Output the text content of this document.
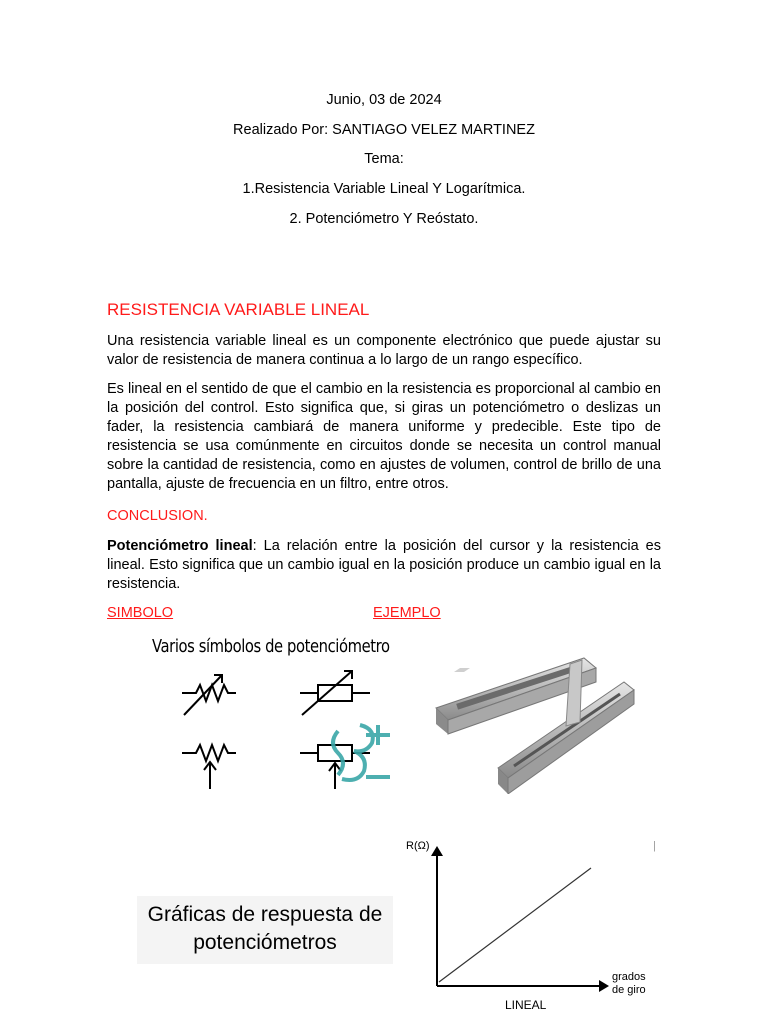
Junio, 03 de 2024
Realizado Por: SANTIAGO VELEZ MARTINEZ
Tema:
1.Resistencia Variable Lineal Y Logarítmica.
2. Potenciómetro Y Reóstato.
RESISTENCIA VARIABLE LINEAL

Una resistencia variable lineal es un componente electrónico que puede ajustar su valor de resistencia de manera continua a lo largo de un rango específico.

Es lineal en el sentido de que el cambio en la resistencia es proporcional al cambio en la posición del control. Esto significa que, si giras un potenciómetro o deslizas un fader, la resistencia cambiará de manera uniforme y predecible. Este tipo de resistencia se usa comúnmente en circuitos donde se necesita un control manual sobre la cantidad de resistencia, como en ajustes de volumen, control de brillo de una pantalla, ajuste de frecuencia en un filtro, entre otros.

CONCLUSION.

Potenciómetro lineal: La relación entre la posición del cursor y la resistencia es lineal. Esto significa que un cambio igual en la posición produce un cambio igual en la resistencia.

SIMBOLO	EJEMPLO
Varios símbolos de potenciómetro
Gráficas de respuesta de
potenciómetros
R(Ω)	|
grados
de giro
LINEAL
